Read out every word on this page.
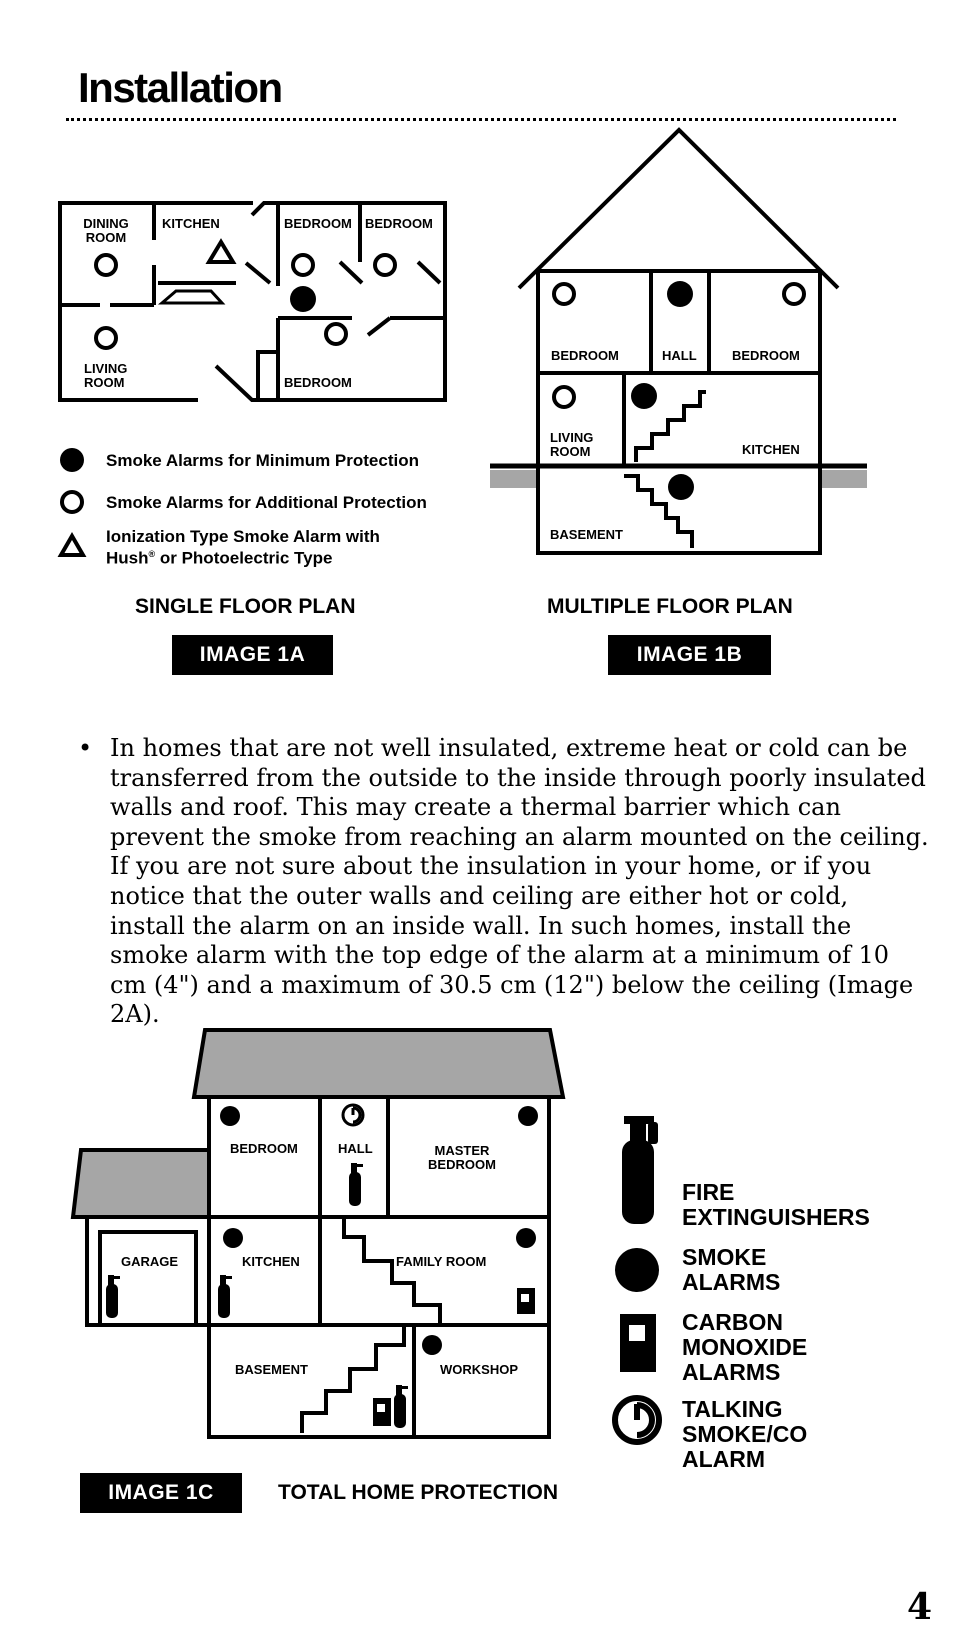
Installation
DINING
ROOM
KITCHEN	BEDROOM BEDROOM
LIVING
ROOM	BEDROOM
Smoke Alarms for Minimum Protection
Smoke Alarms for Additional Protection
Ionization Type Smoke Alarm with
Hush® or Photoelectric Type
SINGLE FLOOR PLAN
IMAGE 1A
BEDROOM	HALL	BEDROOM
LIVING
ROOM	KITCHEN
BASEMENT
MULTIPLE FLOOR PLAN
IMAGE 1B
• In homes that are not well insulated, extreme heat or cold can be transferred from the outside to the inside through poorly insulated walls and roof. This may create a thermal barrier which can prevent the smoke from reaching an alarm mounted on the ceiling. If you are not sure about the insulation in your home, or if you notice that the outer walls and ceiling are either hot or cold, install the alarm on an inside wall. In such homes, install the smoke alarm with the top edge of the alarm at a minimum of 10 cm (4") and a maximum of 30.5 cm (12") below the ceiling (Image 2A).
BEDROOM	HALL	MASTER
BEDROOM
GARAGE	KITCHEN	FAMILY ROOM
BASEMENT	WORKSHOP
FIRE
EXTINGUISHERS
SMOKE
ALARMS
CARBON
MONOXIDE
ALARMS
TALKING
SMOKE/CO
ALARM
IMAGE 1C	TOTAL HOME PROTECTION
4
